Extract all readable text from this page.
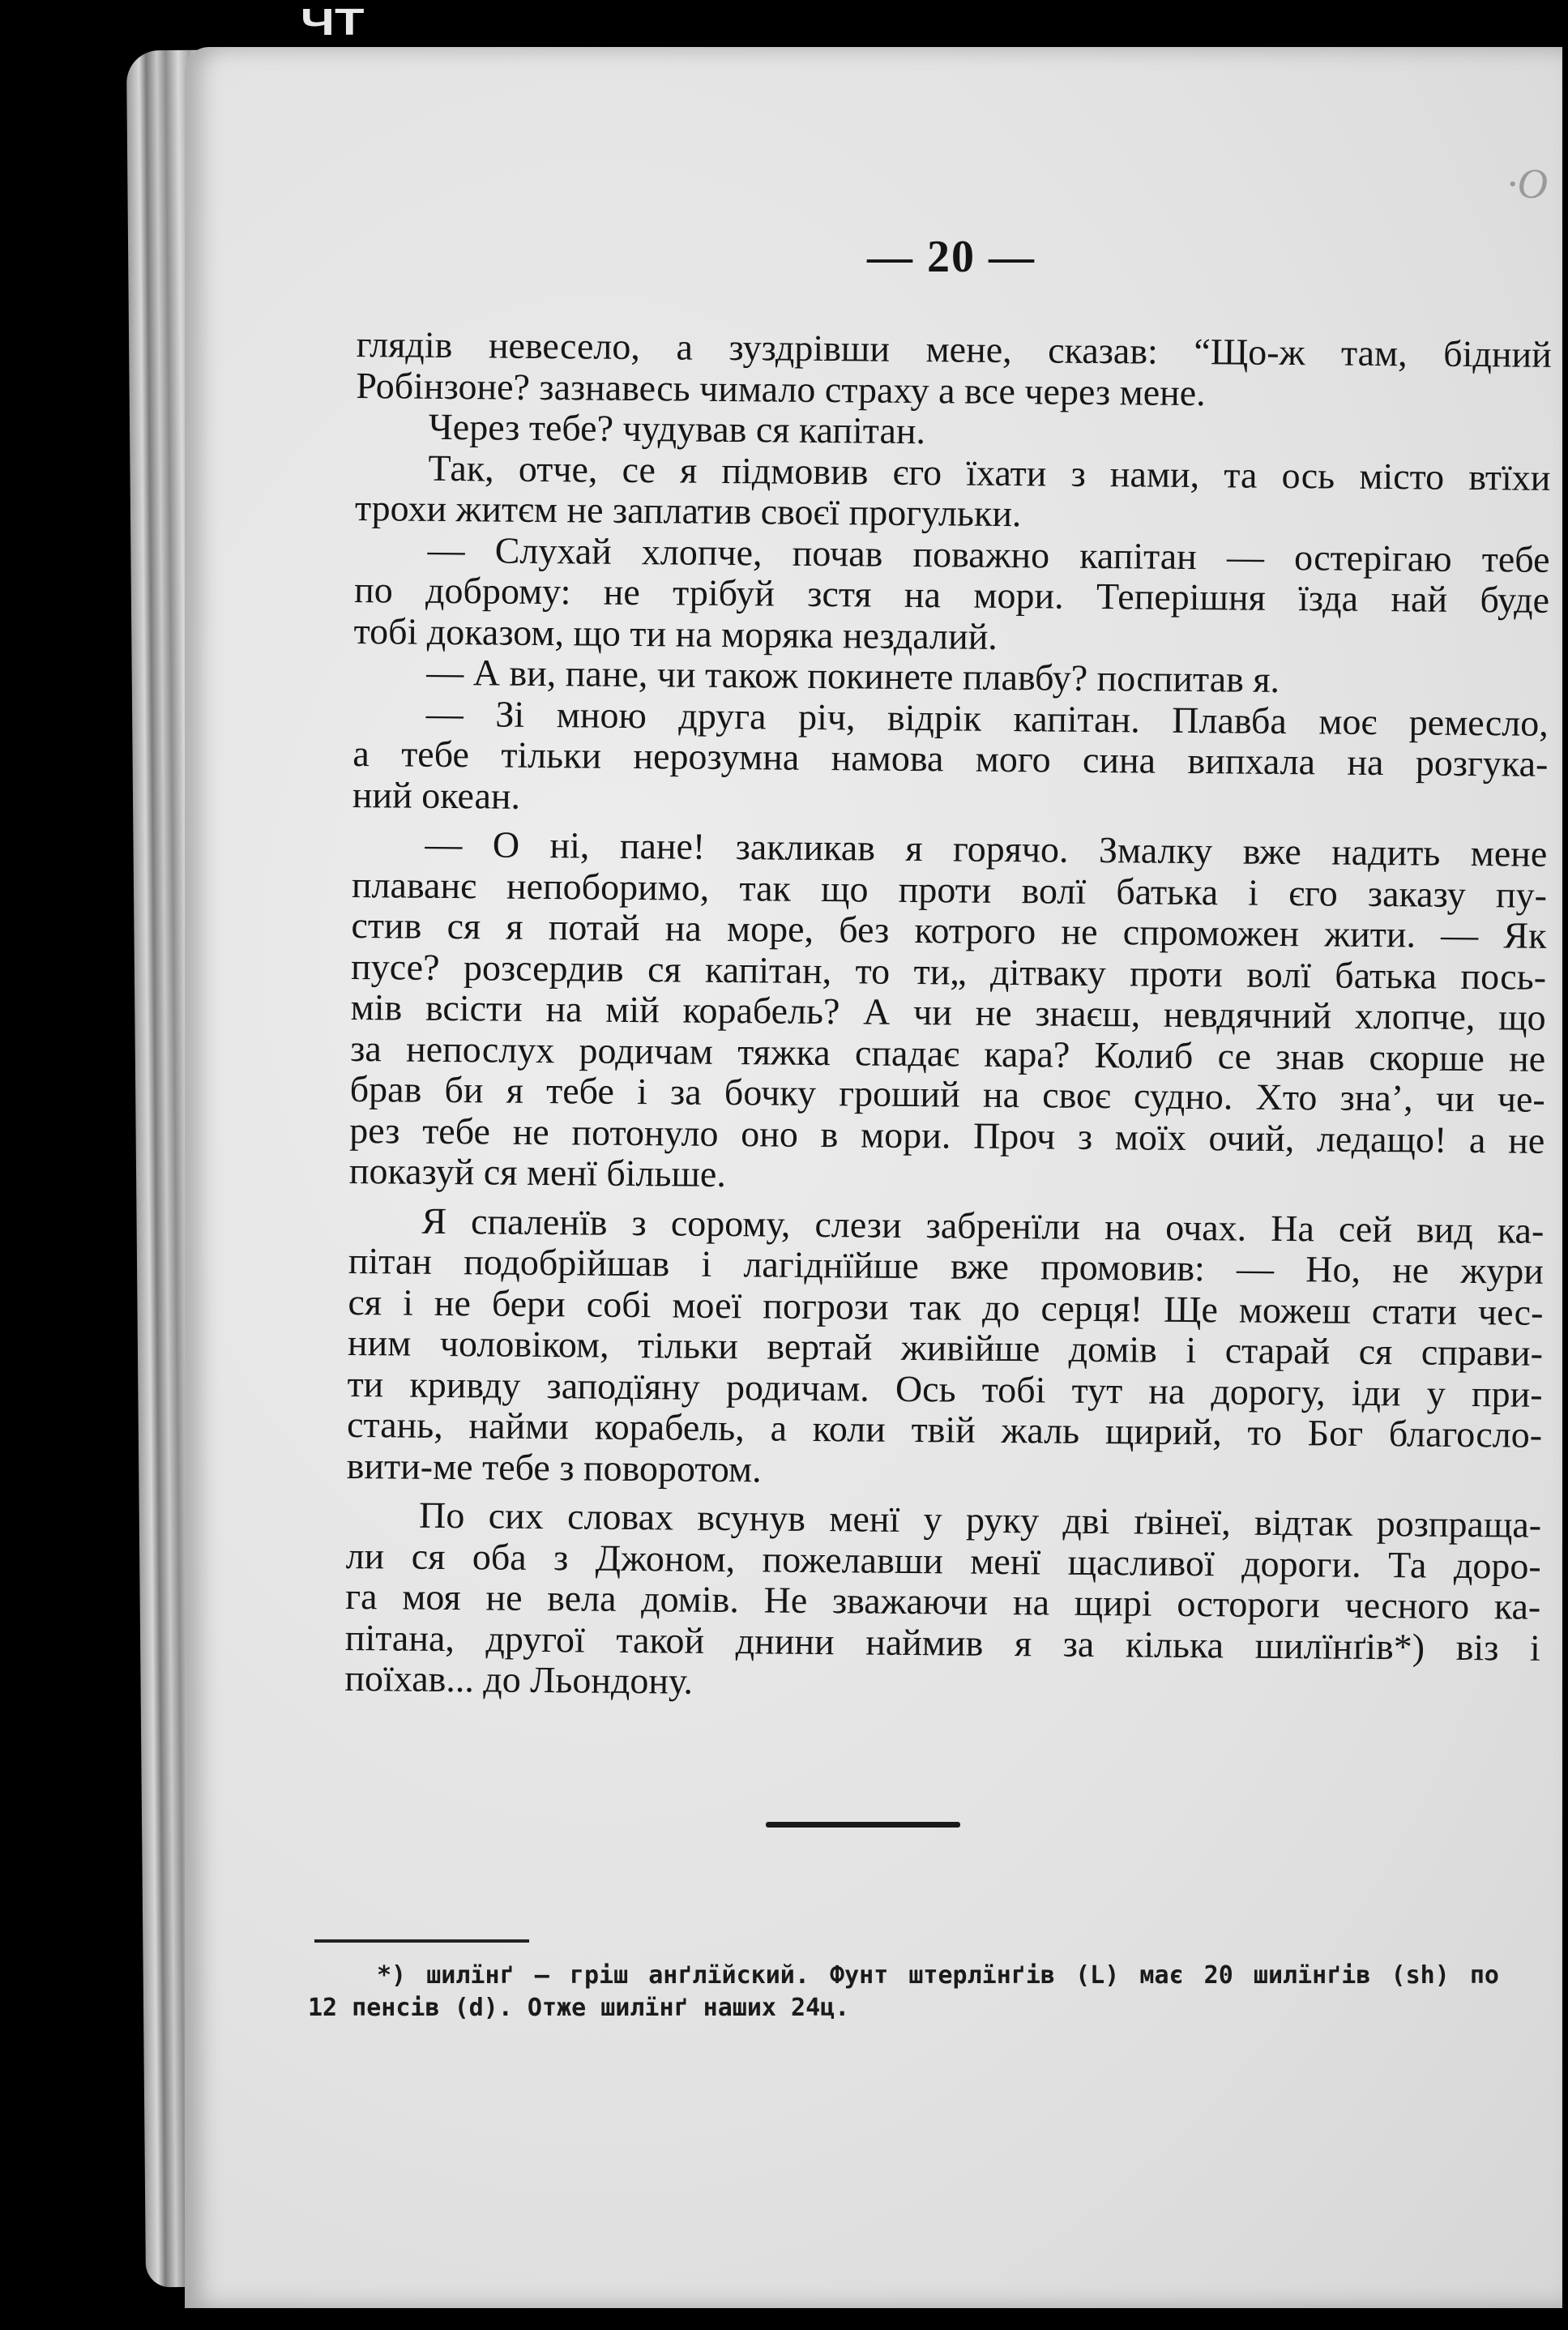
ЧТ
·O
— 20 —
глядів невесело, а зуздрівши мене, сказав: “Що-ж там, бідний
Робінзоне? зазнавесь чимало страху а все через мене.
Через тебе? чудував ся капітан.
Так, отче, се я підмовив єго їхати з нами, та ось місто втїхи
трохи житєм не заплатив своєї прогульки.
— Слухай хлопче, почав поважно капітан — остерігаю тебе
по доброму: не трібуй зстя на мори. Теперішня їзда най буде
тобі доказом, що ти на моряка нездалий.
— А ви, пане, чи також покинете плавбу? поспитав я.
— Зі мною друга річ, відрік капітан. Плавба моє ремесло,
а тебе тільки нерозумна намова мого сина випхала на розгука-
ний океан.
— О ні, пане! закликав я горячо. Змалку вже надить мене
плаванє непоборимо, так що проти волї батька і єго заказу пу-
стив ся я потай на море, без котрого не спроможен жити. — Як
пусе? розсердив ся капітан, то ти„ дітваку проти волї батька пось-
мів всісти на мій корабель? А чи не знаєш, невдячний хлопче, що
за непослух родичам тяжка спадає кара? Колиб се знав скорше не
брав би я тебе і за бочку гроший на своє судно. Хто зна’, чи че-
рез тебе не потонуло оно в мори. Проч з моїх очий, ледащо! а не
показуй ся менї більше.
Я спаленїв з сорому, слези забренїли на очах. На сей вид ка-
пітан подобрійшав і лагіднїйше вже промовив: — Но, не жури
ся і не бери собі моеї погрози так до серця! Ще можеш стати чес-
ним чоловіком, тільки вертай живійше домів і старай ся справи-
ти кривду заподїяну родичам. Ось тобі тут на дорогу, іди у при-
стань, найми корабель, а коли твій жаль щирий, то Бог благосло-
вити-ме тебе з поворотом.
По сих словах всунув менї у руку дві ґвінеї, відтак розпраща-
ли ся оба з Джоном, пожелавши менї щасливої дороги. Та доро-
га моя не вела домів. Не зважаючи на щирі остороги чесного ка-
пітана, другої такой днини наймив я за кілька шилїнґів*) віз і
поїхав... до Льондону.
*) шилїнґ — гріш анґлїйский. Фунт штерлїнґів (L) має 20 шилїнґів (sh) по
12 пенсів (d). Отже шилїнґ наших 24ц.
